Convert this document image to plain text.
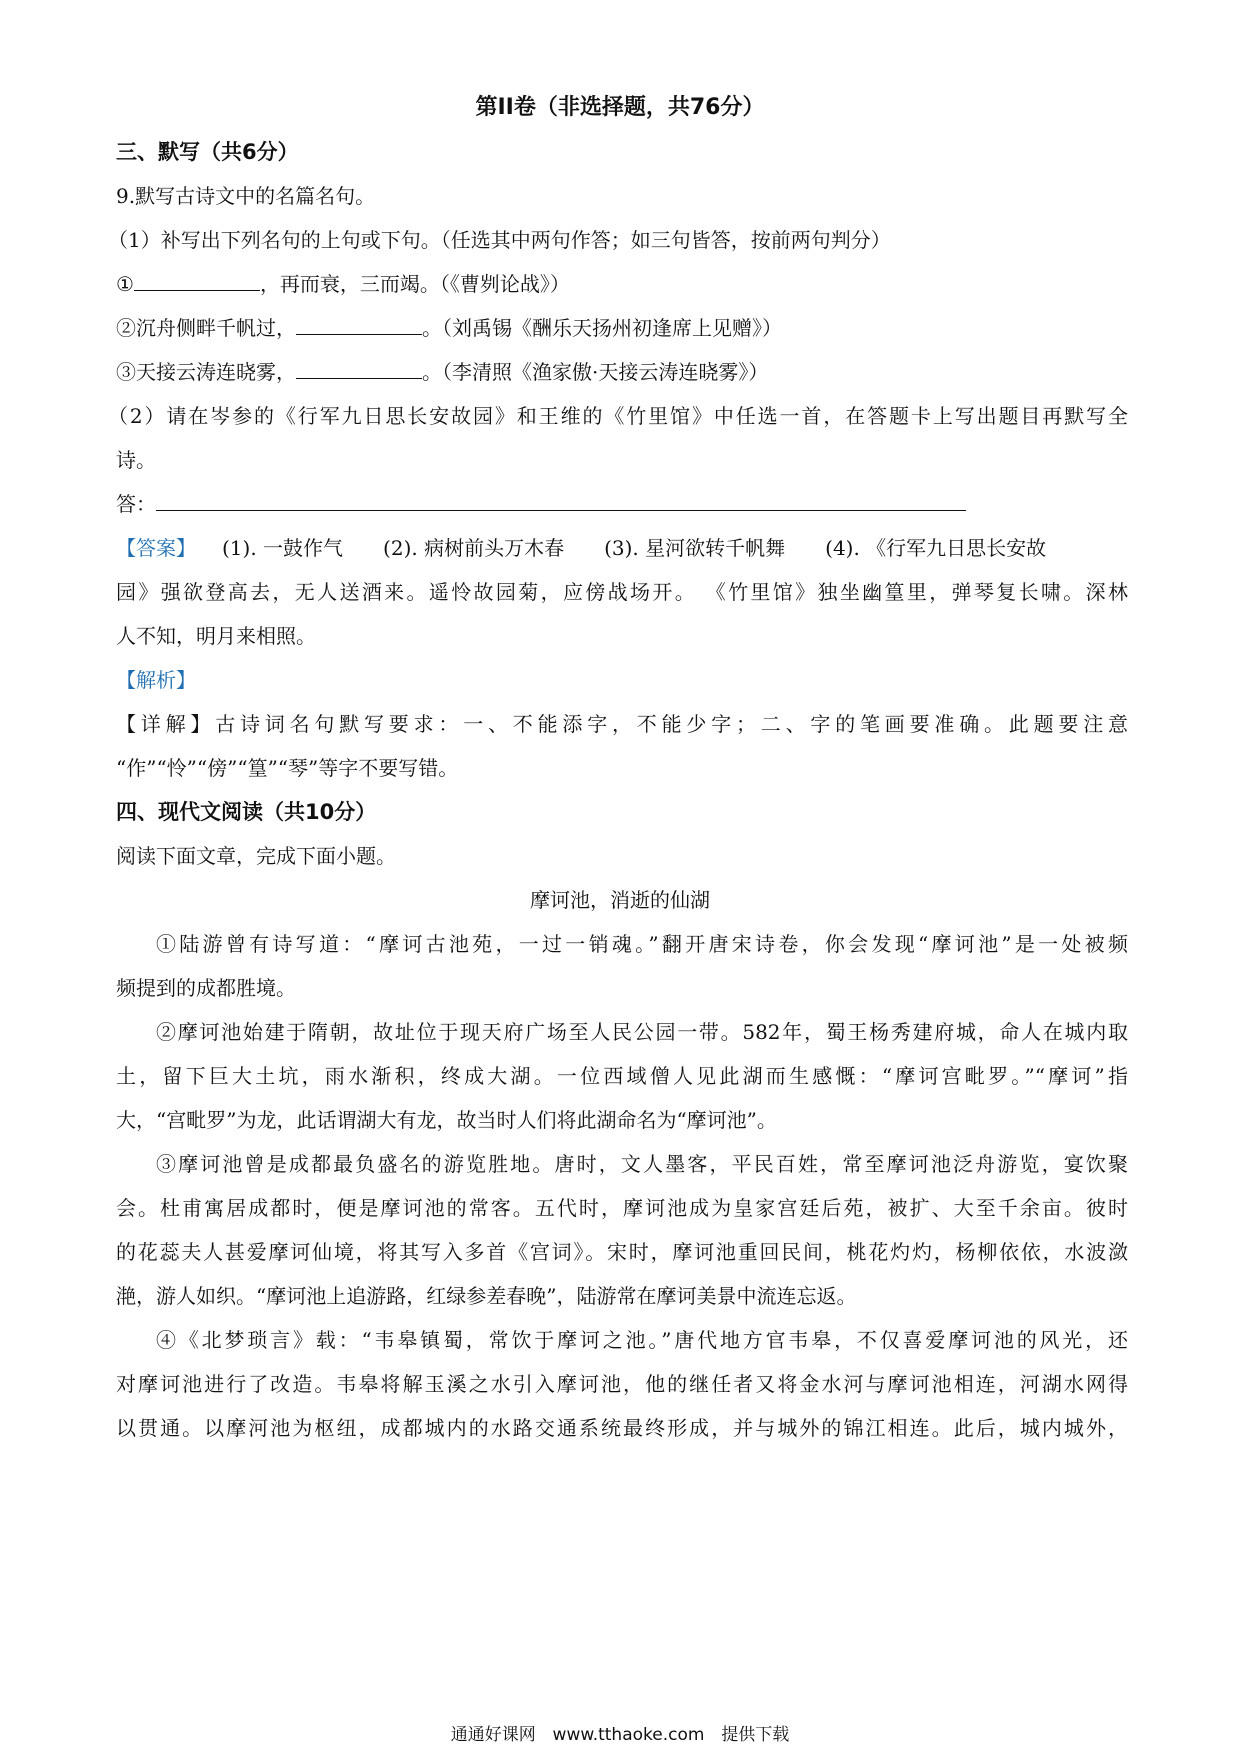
第II卷（非选择题，共76分）
三、默写（共6分）
9.默写古诗文中的名篇名句。
（1）补写出下列名句的上句或下句。（任选其中两句作答；如三句皆答，按前两句判分）
①	，再而衰，三而竭。（《曹刿论战》）
②沉舟侧畔千帆过，	。（刘禹锡《酬乐天扬州初逢席上见赠》）
③天接云涛连晓雾，	。（李清照《渔家傲·天接云涛连晓雾》）
（2）请在岑参的《行军九日思长安故园》和王维的《竹里馆》中任选一首，在答题卡上写出题目再默写全
诗。
答：
【答案】 (1). 一鼓作气 (2). 病树前头万木春 (3). 星河欲转千帆舞 (4). 《行军九日思长安故
园》强欲登高去，无人送酒来。遥怜故园菊，应傍战场开。 《竹里馆》独坐幽篁里，弹琴复长啸。深林
人不知，明月来相照。
【解析】
【详解】古诗词名句默写要求：一、不能添字，不能少字；二、字的笔画要准确。此题要注意
“作”“怜”“傍”“篁”“琴”等字不要写错。
四、现代文阅读（共10分）
阅读下面文章，完成下面小题。
摩诃池，消逝的仙湖
①陆游曾有诗写道：“摩诃古池苑，一过一销魂。”翻开唐宋诗卷，你会发现“摩诃池”是一处被频
频提到的成都胜境。
②摩诃池始建于隋朝，故址位于现天府广场至人民公园一带。582年，蜀王杨秀建府城，命人在城内取
土，留下巨大土坑，雨水渐积，终成大湖。一位西域僧人见此湖而生感慨：“摩诃宫毗罗。”“摩诃”指
大，“宫毗罗”为龙，此话谓湖大有龙，故当时人们将此湖命名为“摩诃池”。
③摩诃池曾是成都最负盛名的游览胜地。唐时，文人墨客，平民百姓，常至摩诃池泛舟游览，宴饮聚
会。杜甫寓居成都时，便是摩诃池的常客。五代时，摩诃池成为皇家宫廷后苑，被扩、大至千余亩。彼时
的花蕊夫人甚爱摩诃仙境，将其写入多首《宫词》。宋时，摩诃池重回民间，桃花灼灼，杨柳依依，水波潋
滟，游人如织。“摩诃池上追游路，红绿参差春晚”，陆游常在摩诃美景中流连忘返。
④《北梦琐言》载：“韦皋镇蜀，常饮于摩诃之池。”唐代地方官韦皋，不仅喜爱摩诃池的风光，还
对摩诃池进行了改造。韦皋将解玉溪之水引入摩诃池，他的继任者又将金水河与摩诃池相连，河湖水网得
以贯通。以摩河池为枢纽，成都城内的水路交通系统最终形成，并与城外的锦江相连。此后，城内城外，
通通好课网 www.tthaoke.com 提供下载
